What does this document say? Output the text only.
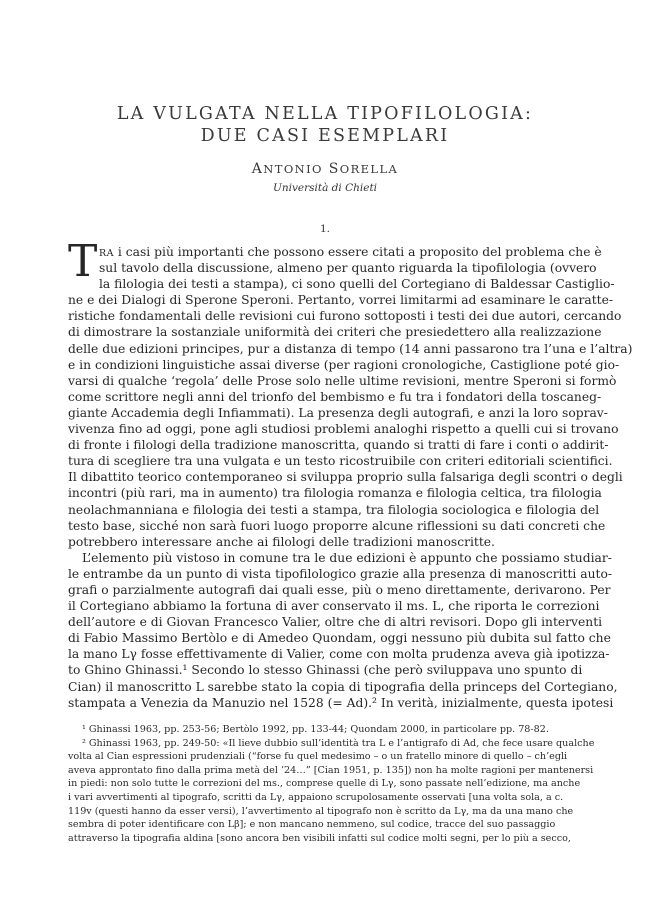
LA VULGATA NELLA TIPOFILOLOGIA:
DUE CASI ESEMPLARI
ANTONIO SORELLA
Università di Chieti
1.
T RA i casi più importanti che possono essere citati a proposito del problema che è
sul tavolo della discussione, almeno per quanto riguarda la tipofilologia (ovvero
la filologia dei testi a stampa), ci sono quelli del Cortegiano di Baldessar Castiglio-
ne e dei Dialogi di Sperone Speroni. Pertanto, vorrei limitarmi ad esaminare le caratte-
ristiche fondamentali delle revisioni cui furono sottoposti i testi dei due autori, cercando
di dimostrare la sostanziale uniformità dei criteri che presiedettero alla realizzazione
delle due edizioni principes, pur a distanza di tempo (14 anni passarono tra l’una e l’altra)
e in condizioni linguistiche assai diverse (per ragioni cronologiche, Castiglione poté gio-
varsi di qualche ‘regola’ delle Prose solo nelle ultime revisioni, mentre Speroni si formò
come scrittore negli anni del trionfo del bembismo e fu tra i fondatori della toscaneg-
giante Accademia degli Infiammati). La presenza degli autografi, e anzi la loro soprav-
vivenza fino ad oggi, pone agli studiosi problemi analoghi rispetto a quelli cui si trovano
di fronte i filologi della tradizione manoscritta, quando si tratti di fare i conti o addirit-
tura di scegliere tra una vulgata e un testo ricostruibile con criteri editoriali scientifici.
Il dibattito teorico contemporaneo si sviluppa proprio sulla falsariga degli scontri o degli
incontri (più rari, ma in aumento) tra filologia romanza e filologia celtica, tra filologia
neolachmanniana e filologia dei testi a stampa, tra filologia sociologica e filologia del
testo base, sicché non sarà fuori luogo proporre alcune riflessioni su dati concreti che
potrebbero interessare anche ai filologi delle tradizioni manoscritte.
L’elemento più vistoso in comune tra le due edizioni è appunto che possiamo studiar-
le entrambe da un punto di vista tipofilologico grazie alla presenza di manoscritti auto-
grafi o parzialmente autografi dai quali esse, più o meno direttamente, derivarono. Per
il Cortegiano abbiamo la fortuna di aver conservato il ms. L, che riporta le correzioni
dell’autore e di Giovan Francesco Valier, oltre che di altri revisori. Dopo gli interventi
di Fabio Massimo Bertòlo e di Amedeo Quondam, oggi nessuno più dubita sul fatto che
la mano Lγ fosse effettivamente di Valier, come con molta prudenza aveva già ipotizza-
to Ghino Ghinassi.¹ Secondo lo stesso Ghinassi (che però sviluppava uno spunto di
Cian) il manoscritto L sarebbe stato la copia di tipografia della princeps del Cortegiano,
stampata a Venezia da Manuzio nel 1528 (= Ad).² In verità, inizialmente, questa ipotesi
¹ Ghinassi 1963, pp. 253-56; Bertòlo 1992, pp. 133-44; Quondam 2000, in particolare pp. 78-82.
² Ghinassi 1963, pp. 249-50: «Il lieve dubbio sull’identità tra L e l’antigrafo di Ad, che fece usare qualche
volta al Cian espressioni prudenziali (“forse fu quel medesimo – o un fratello minore di quello – ch’egli
aveva approntato fino dalla prima metà del ’24…” [Cian 1951, p. 135]) non ha molte ragioni per mantenersi
in piedi: non solo tutte le correzioni del ms., comprese quelle di Lγ, sono passate nell’edizione, ma anche
i vari avvertimenti al tipografo, scritti da Lγ, appaiono scrupolosamente osservati [una volta sola, a c.
119v (questi hanno da esser versi), l’avvertimento al tipografo non è scritto da Lγ, ma da una mano che
sembra di poter identificare con Lβ]; e non mancano nemmeno, sul codice, tracce del suo passaggio
attraverso la tipografia aldina [sono ancora ben visibili infatti sul codice molti segni, per lo più a secco,
